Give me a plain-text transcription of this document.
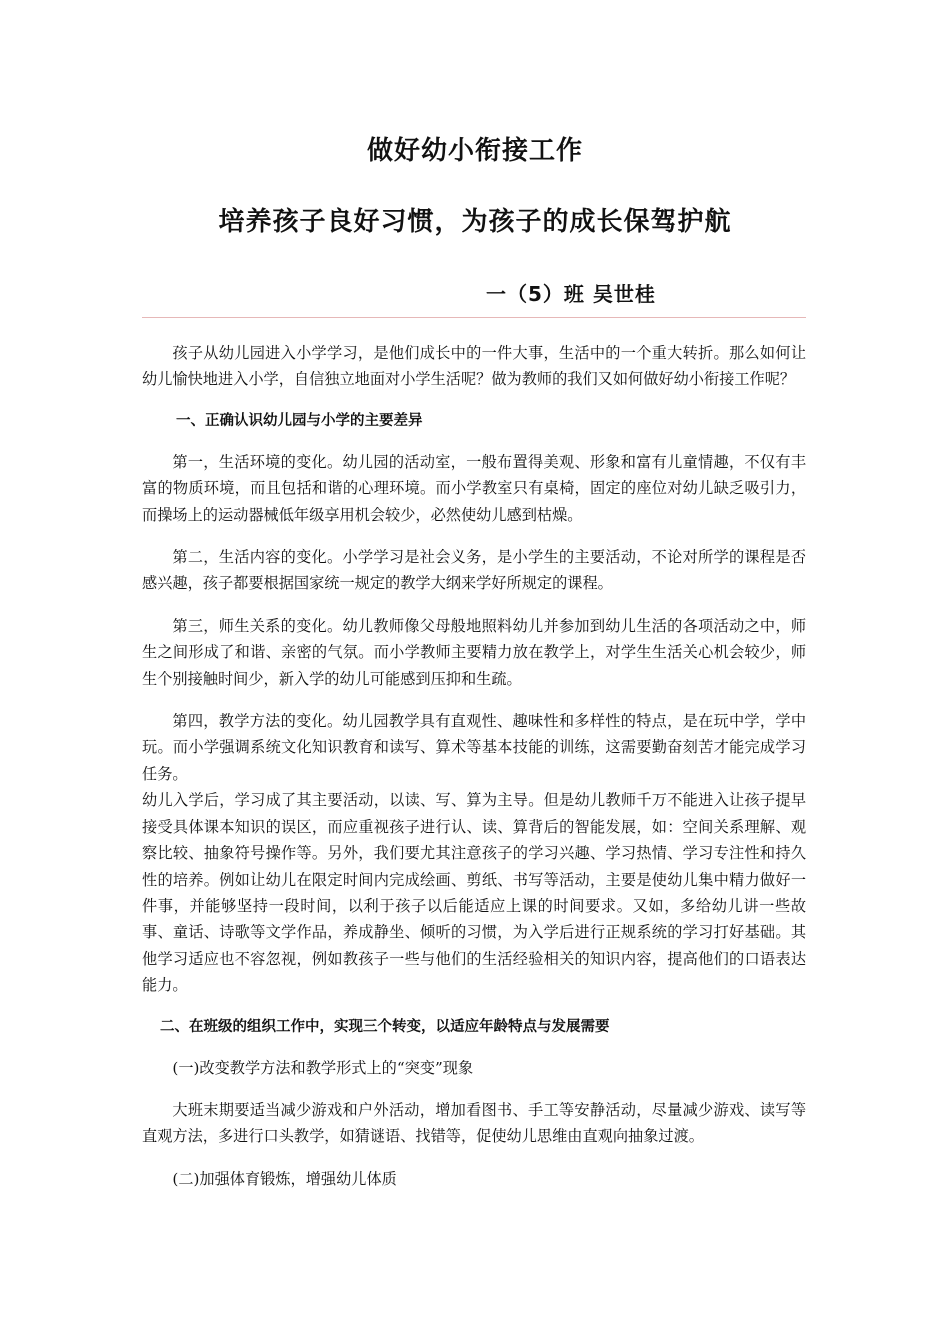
做好幼小衔接工作
培养孩子良好习惯，为孩子的成长保驾护航
一（5）班 吴世桂

孩子从幼儿园进入小学学习，是他们成长中的一件大事，生活中的一个重大转折。那么如何让幼儿愉快地进入小学，自信独立地面对小学生活呢？做为教师的我们又如何做好幼小衔接工作呢？

一、正确认识幼儿园与小学的主要差异

第一，生活环境的变化。幼儿园的活动室，一般布置得美观、形象和富有儿童情趣，不仅有丰富的物质环境，而且包括和谐的心理环境。而小学教室只有桌椅，固定的座位对幼儿缺乏吸引力，而操场上的运动器械低年级享用机会较少，必然使幼儿感到枯燥。

第二，生活内容的变化。小学学习是社会义务，是小学生的主要活动，不论对所学的课程是否感兴趣，孩子都要根据国家统一规定的教学大纲来学好所规定的课程。

第三，师生关系的变化。幼儿教师像父母般地照料幼儿并参加到幼儿生活的各项活动之中，师生之间形成了和谐、亲密的气氛。而小学教师主要精力放在教学上，对学生生活关心机会较少，师生个别接触时间少，新入学的幼儿可能感到压抑和生疏。

第四，教学方法的变化。幼儿园教学具有直观性、趣味性和多样性的特点，是在玩中学，学中玩。而小学强调系统文化知识教育和读写、算术等基本技能的训练，这需要勤奋刻苦才能完成学习任务。

幼儿入学后，学习成了其主要活动，以读、写、算为主导。但是幼儿教师千万不能进入让孩子提早接受具体课本知识的误区，而应重视孩子进行认、读、算背后的智能发展，如：空间关系理解、观察比较、抽象符号操作等。另外，我们要尤其注意孩子的学习兴趣、学习热情、学习专注性和持久性的培养。例如让幼儿在限定时间内完成绘画、剪纸、书写等活动，主要是使幼儿集中精力做好一件事，并能够坚持一段时间，以利于孩子以后能适应上课的时间要求。又如，多给幼儿讲一些故事、童话、诗歌等文学作品，养成静坐、倾听的习惯，为入学后进行正规系统的学习打好基础。其他学习适应也不容忽视，例如教孩子一些与他们的生活经验相关的知识内容，提高他们的口语表达能力。

二、在班级的组织工作中，实现三个转变，以适应年龄特点与发展需要

(一)改变教学方法和教学形式上的“突变”现象

大班末期要适当减少游戏和户外活动，增加看图书、手工等安静活动，尽量减少游戏、读写等直观方法，多进行口头教学，如猜谜语、找错等，促使幼儿思维由直观向抽象过渡。

(二)加强体育锻炼，增强幼儿体质
